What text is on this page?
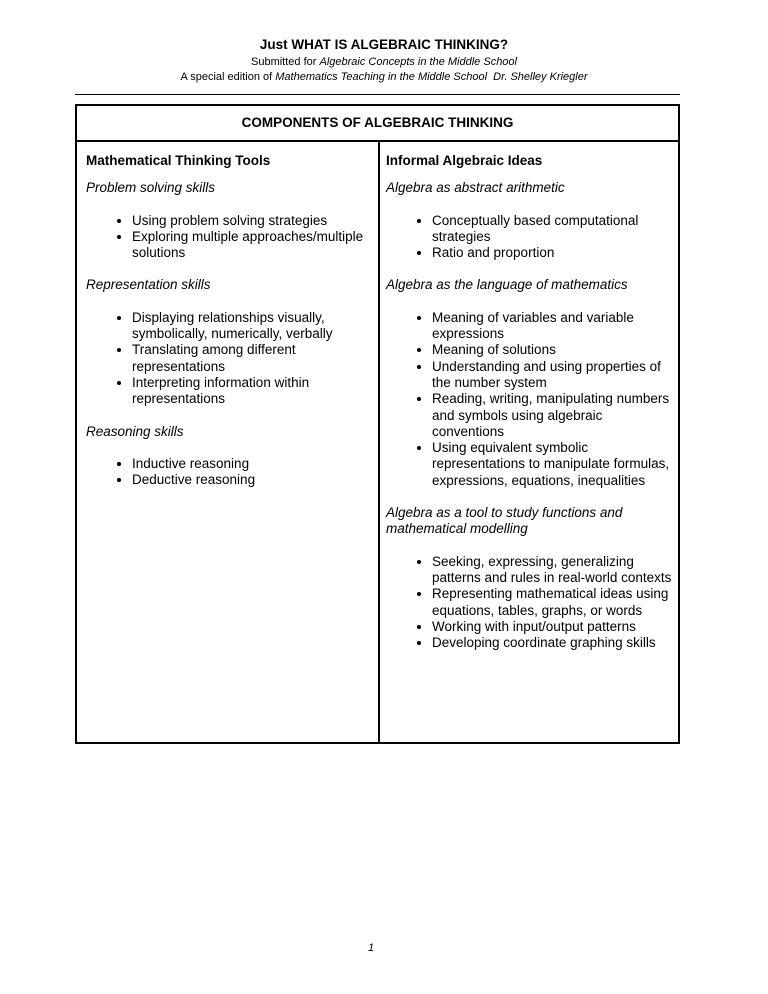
Just WHAT IS ALGEBRAIC THINKING?
Submitted for Algebraic Concepts in the Middle School
A special edition of Mathematics Teaching in the Middle School  Dr. Shelley Kriegler
COMPONENTS OF ALGEBRAIC THINKING
Mathematical Thinking Tools
Problem solving skills
• Using problem solving strategies
• Exploring multiple approaches/multiple solutions
Representation skills
• Displaying relationships visually, symbolically, numerically, verbally
• Translating among different representations
• Interpreting information within representations
Reasoning skills
• Inductive reasoning
• Deductive reasoning
Informal Algebraic Ideas
Algebra as abstract arithmetic
• Conceptually based computational strategies
• Ratio and proportion
Algebra as the language of mathematics
• Meaning of variables and variable expressions
• Meaning of solutions
• Understanding and using properties of the number system
• Reading, writing, manipulating numbers and symbols using algebraic conventions
• Using equivalent symbolic representations to manipulate formulas, expressions, equations, inequalities
Algebra as a tool to study functions and mathematical modelling
• Seeking, expressing, generalizing patterns and rules in real-world contexts
• Representing mathematical ideas using equations, tables, graphs, or words
• Working with input/output patterns
• Developing coordinate graphing skills
1
